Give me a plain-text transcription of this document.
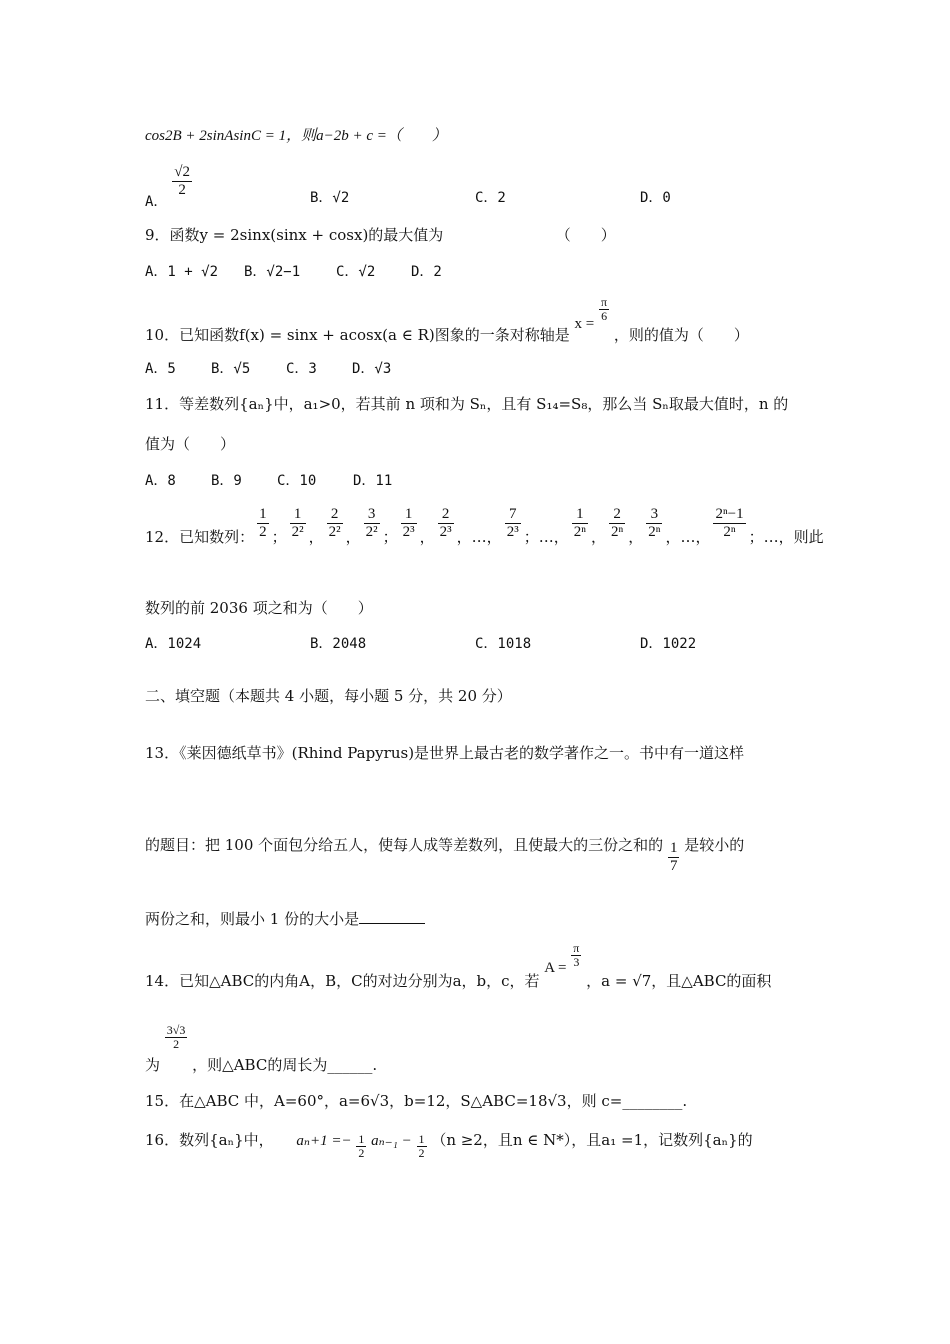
cos2B + 2sinAsinC = 1，则a−2b + c =（　　）
A．
$\frac{√2}{2}$	B．√2	C．2	D．0
9．函数y = 2sinx(sinx + cosx)的最大值为　　　　　　　　（　　）
A．1 + √2 B．√2−1	C．√2	D．2
10．已知函数f(x) = sinx + acosx(a ∈ R)图象的一条对称轴是 x =
$\frac{\pi}{6}$
，则的值为（　　）
A．5	B．√5	C．3	D．√3
11．等差数列{aₙ}中，a₁>0，若其前 n 项和为 Sₙ，且有 S₁₄=S₈，那么当 Sₙ取最大值时，n 的
值为（　　）
A．8	B．9	C．10	D．11
12．已知数列： $\frac{1}{2}$ ； $\frac{1}{\text{2²}}$ ， $\frac{2}{\text{2²}}$ ， $\frac{3}{\text{2²}}$ ； $\frac{1}{\text{2³}}$ ， $\frac{2}{\text{2³}}$ ，…， $\frac{7}{\text{2³}}$ ；…， $\frac{1}{\text{2ⁿ}}$ ， $\frac{2}{\text{2ⁿ}}$ ， $\frac{3}{\text{2ⁿ}}$ ，…， $\frac{\text{2ⁿ−1}}{\text{2ⁿ}}$ ；…，则此
数列的前 2036 项之和为（　　）
A．1024	B．2048	C．1018	D．1022
二、填空题（本题共 4 小题，每小题 5 分，共 20 分）
13．《莱因德纸草书》(Rhind Papyrus)是世界上最古老的数学著作之一。书中有一道这样
的题目：把 100 个面包分给五人，使每人成等差数列，且使最大的三份之和的 $\frac{1}{7}$ 是较小的
两份之和，则最小 1 份的大小是
14．已知△ABC的内角A，B，C的对边分别为a，b，c，若 $A = \frac{\pi}{3}$
，a = √7，且△ABC的面积
为
$\frac{3√3}{2}$
，则△ABC的周长为______.
15．在△ABC 中，A=60°，a=6√3，b=12，S△ABC=18√3，则 c=________.
16．数列{aₙ}中， $a_n+1 =- \frac{1}{2} a_{n-1} - \frac{1}{2} (n \ge 2$，且n ∈ N*），且a₁ =1，记数列{aₙ}的
